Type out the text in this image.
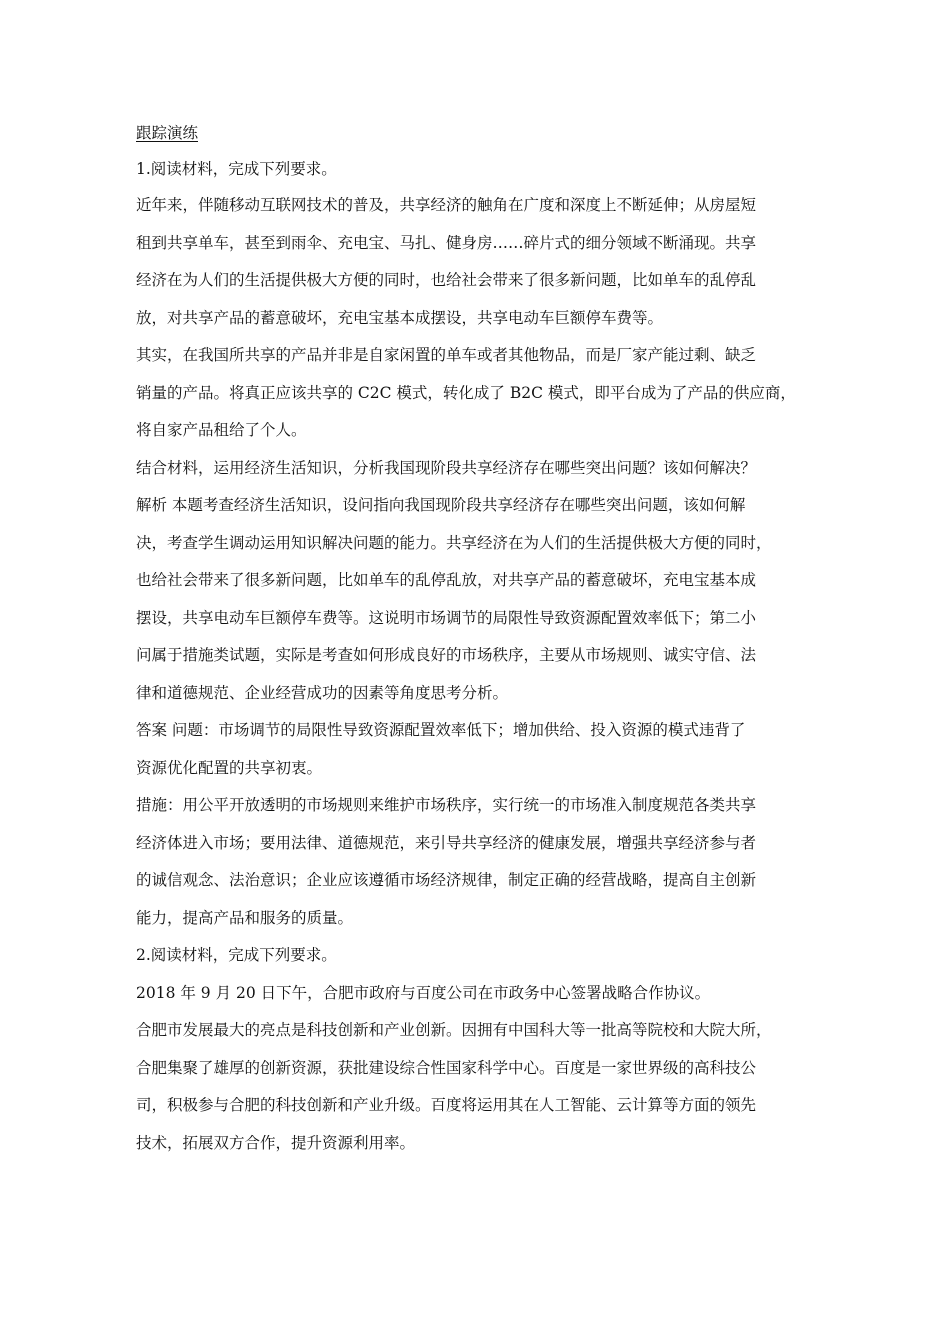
跟踪演练
1.阅读材料，完成下列要求。
近年来，伴随移动互联网技术的普及，共享经济的触角在广度和深度上不断延伸；从房屋短
租到共享单车，甚至到雨伞、充电宝、马扎、健身房……碎片式的细分领域不断涌现。共享
经济在为人们的生活提供极大方便的同时，也给社会带来了很多新问题，比如单车的乱停乱
放，对共享产品的蓄意破坏，充电宝基本成摆设，共享电动车巨额停车费等。
其实，在我国所共享的产品并非是自家闲置的单车或者其他物品，而是厂家产能过剩、缺乏
销量的产品。将真正应该共享的 C2C 模式，转化成了 B2C 模式，即平台成为了产品的供应商，
将自家产品租给了个人。
结合材料，运用经济生活知识，分析我国现阶段共享经济存在哪些突出问题？该如何解决？
解析 本题考查经济生活知识，设问指向我国现阶段共享经济存在哪些突出问题，该如何解
决，考查学生调动运用知识解决问题的能力。共享经济在为人们的生活提供极大方便的同时，
也给社会带来了很多新问题，比如单车的乱停乱放，对共享产品的蓄意破坏，充电宝基本成
摆设，共享电动车巨额停车费等。这说明市场调节的局限性导致资源配置效率低下；第二小
问属于措施类试题，实际是考查如何形成良好的市场秩序，主要从市场规则、诚实守信、法
律和道德规范、企业经营成功的因素等角度思考分析。
答案 问题：市场调节的局限性导致资源配置效率低下；增加供给、投入资源的模式违背了
资源优化配置的共享初衷。
措施：用公平开放透明的市场规则来维护市场秩序，实行统一的市场准入制度规范各类共享
经济体进入市场；要用法律、道德规范，来引导共享经济的健康发展，增强共享经济参与者
的诚信观念、法治意识；企业应该遵循市场经济规律，制定正确的经营战略，提高自主创新
能力，提高产品和服务的质量。
2.阅读材料，完成下列要求。
2018 年 9 月 20 日下午，合肥市政府与百度公司在市政务中心签署战略合作协议。
合肥市发展最大的亮点是科技创新和产业创新。因拥有中国科大等一批高等院校和大院大所，
合肥集聚了雄厚的创新资源，获批建设综合性国家科学中心。百度是一家世界级的高科技公
司，积极参与合肥的科技创新和产业升级。百度将运用其在人工智能、云计算等方面的领先
技术，拓展双方合作，提升资源利用率。
